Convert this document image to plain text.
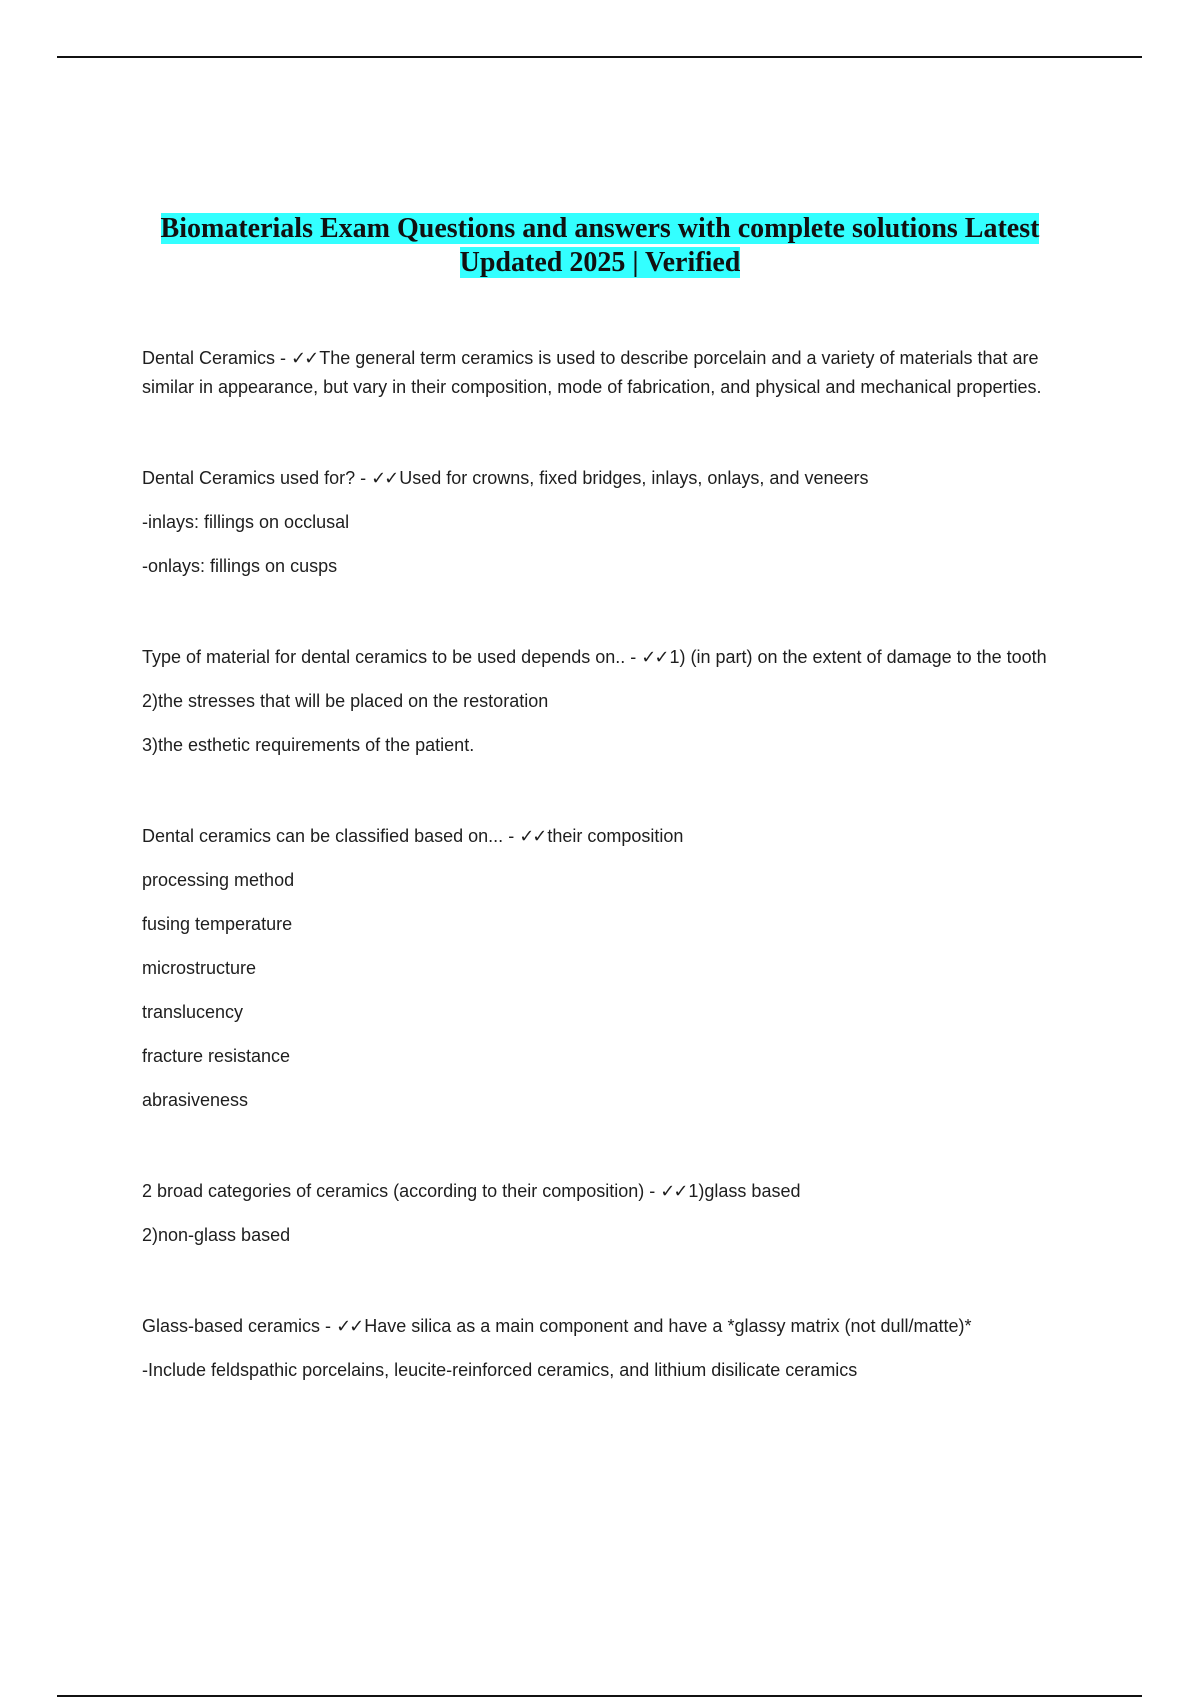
Biomaterials Exam Questions and answers with complete solutions Latest
Updated 2025 | Verified

Dental Ceramics - ✓✓ The general term ceramics is used to describe porcelain and a variety of materials that are similar in appearance, but vary in their composition, mode of fabrication, and physical and mechanical properties.

Dental Ceramics used for? - ✓✓ Used for crowns, fixed bridges, inlays, onlays, and veneers

-inlays: fillings on occlusal

-onlays: fillings on cusps

Type of material for dental ceramics to be used depends on.. - ✓✓ 1) (in part) on the extent of damage to the tooth

2)the stresses that will be placed on the restoration

3)the esthetic requirements of the patient.

Dental ceramics can be classified based on... - ✓✓ their composition

processing method

fusing temperature

microstructure

translucency

fracture resistance

abrasiveness

2 broad categories of ceramics (according to their composition) - ✓✓ 1)glass based

2)non-glass based

Glass-based ceramics - ✓✓ Have silica as a main component and have a *glassy matrix (not dull/matte)*

-Include feldspathic porcelains, leucite-reinforced ceramics, and lithium disilicate ceramics
